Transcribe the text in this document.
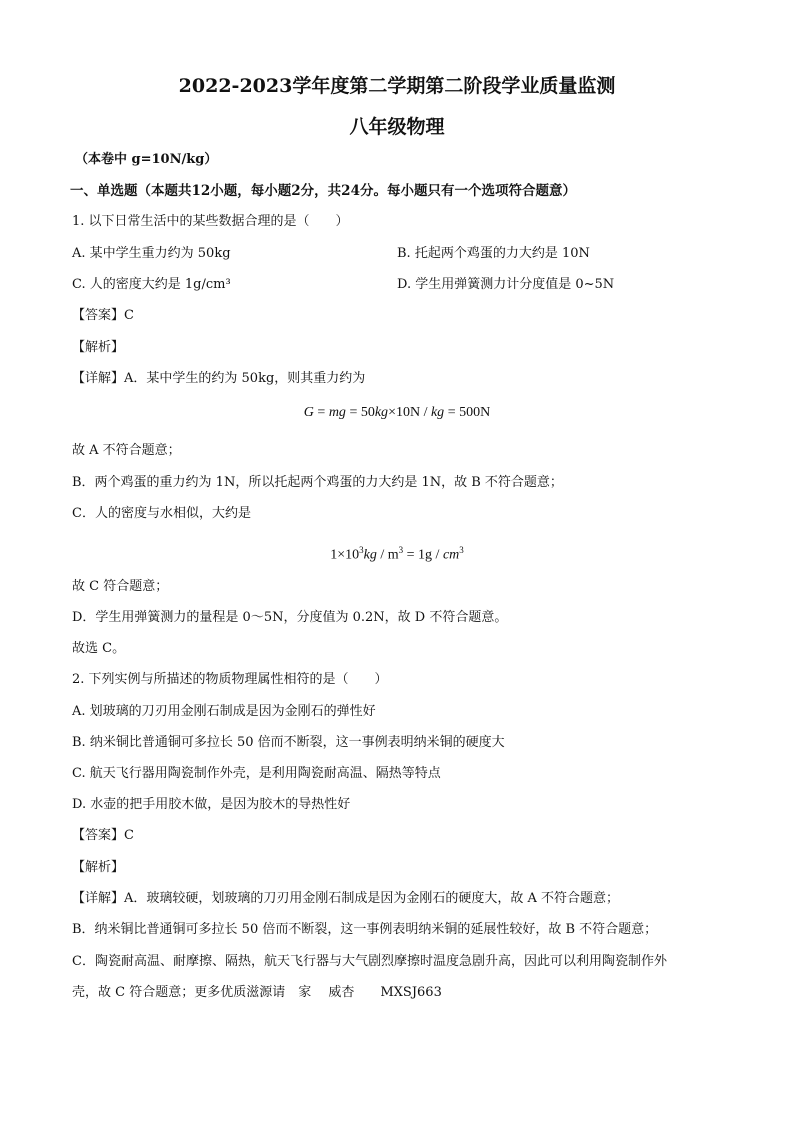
2022-2023学年度第二学期第二阶段学业质量监测
八年级物理
（本卷中 g=10N/kg）
一、单选题（本题共12小题，每小题2分，共24分。每小题只有一个选项符合题意）
1. 以下日常生活中的某些数据合理的是（　　）
A. 某中学生重力约为 50kg	B. 托起两个鸡蛋的力大约是 10N
C. 人的密度大约是 1g/cm³	D. 学生用弹簧测力计分度值是 0~5N
【答案】C
【解析】
【详解】A．某中学生的约为 50kg，则其重力约为
G = mg = 50kg×10N / kg = 500N
故 A 不符合题意；
B．两个鸡蛋的重力约为 1N，所以托起两个鸡蛋的力大约是 1N，故 B 不符合题意；
C．人的密度与水相似，大约是
$1\times 10^3kg / m^3 = 1g / cm^3$
故 C 符合题意；
D．学生用弹簧测力的量程是 0～5N，分度值为 0.2N，故 D 不符合题意。
故选 C。
2. 下列实例与所描述的物质物理属性相符的是（　　）
A. 划玻璃的刀刃用金刚石制成是因为金刚石的弹性好
B. 纳米铜比普通铜可多拉长 50 倍而不断裂，这一事例表明纳米铜的硬度大
C. 航天飞行器用陶瓷制作外壳，是利用陶瓷耐高温、隔热等特点
D. 水壶的把手用胶木做，是因为胶木的导热性好
【答案】C
【解析】
【详解】A．玻璃较硬，划玻璃的刀刃用金刚石制成是因为金刚石的硬度大，故 A 不符合题意；
B．纳米铜比普通铜可多拉长 50 倍而不断裂，这一事例表明纳米铜的延展性较好，故 B 不符合题意；
C．陶瓷耐高温、耐摩擦、隔热，航天飞行器与大气剧烈摩擦时温度急剧升高，因此可以利用陶瓷制作外
壳，故 C 符合题意；更多优质滋源请　家　 威杏　　MXSJ663
